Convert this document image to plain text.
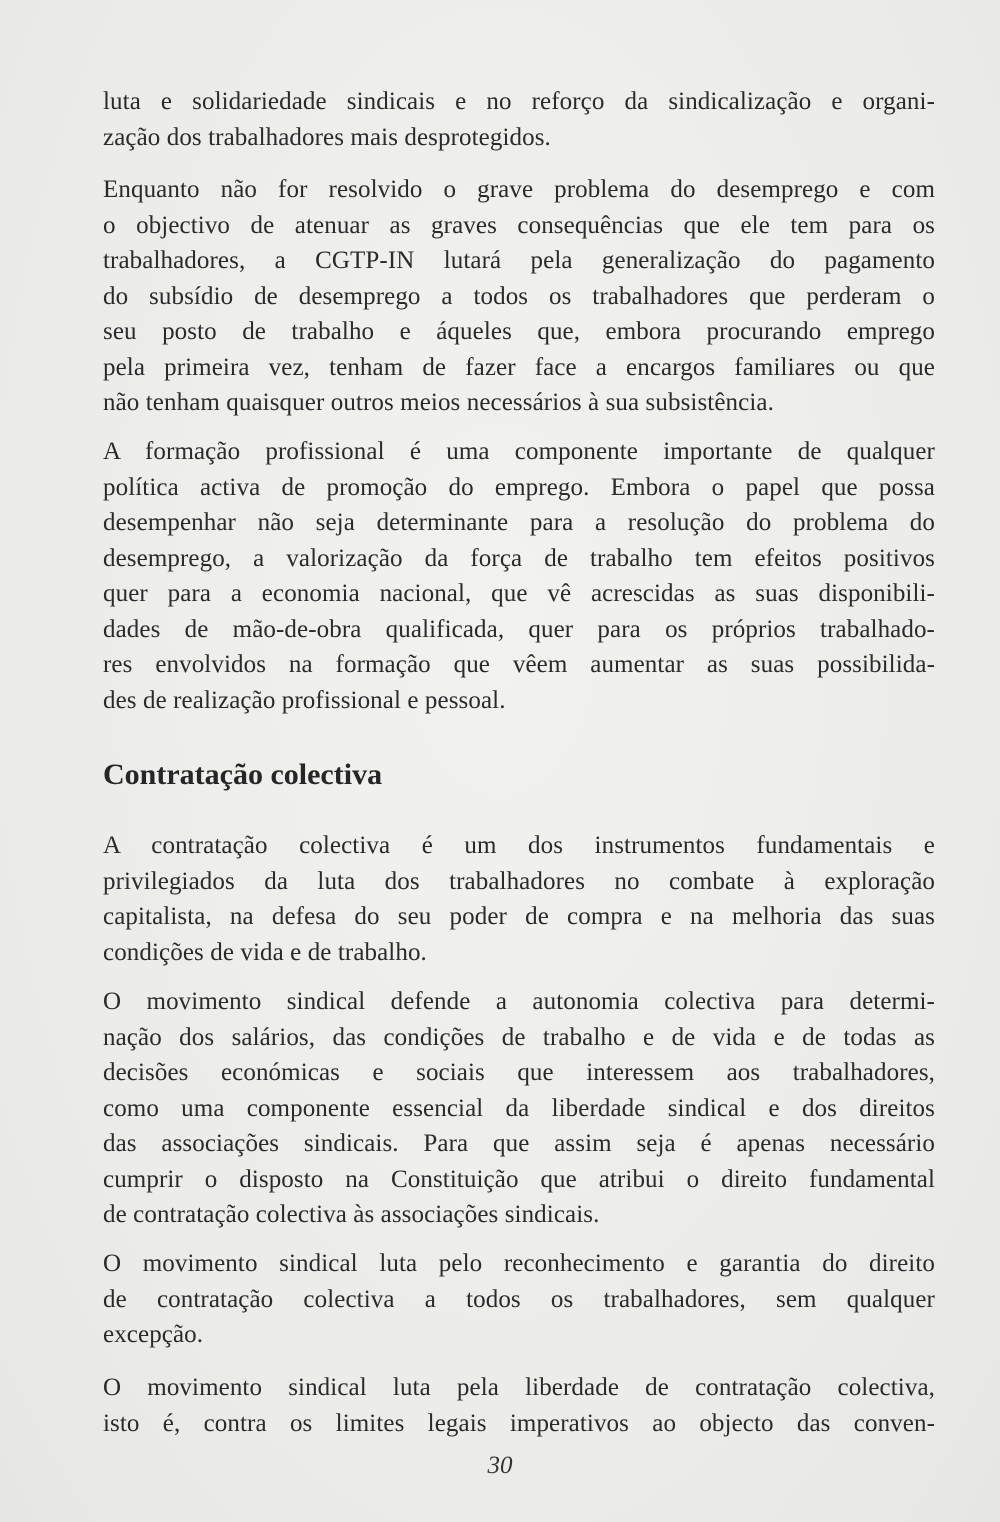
luta e solidariedade sindicais e no reforço da sindicalização e organi-
zação dos trabalhadores mais desprotegidos.
Enquanto não for resolvido o grave problema do desemprego e com
o objectivo de atenuar as graves consequências que ele tem para os
trabalhadores, a CGTP-IN lutará pela generalização do pagamento
do subsídio de desemprego a todos os trabalhadores que perderam o
seu posto de trabalho e áqueles que, embora procurando emprego
pela primeira vez, tenham de fazer face a encargos familiares ou que
não tenham quaisquer outros meios necessários à sua subsistência.
A formação profissional é uma componente importante de qualquer
política activa de promoção do emprego. Embora o papel que possa
desempenhar não seja determinante para a resolução do problema do
desemprego, a valorização da força de trabalho tem efeitos positivos
quer para a economia nacional, que vê acrescidas as suas disponibili-
dades de mão-de-obra qualificada, quer para os próprios trabalhado-
res envolvidos na formação que vêem aumentar as suas possibilida-
des de realização profissional e pessoal.
Contratação colectiva
A contratação colectiva é um dos instrumentos fundamentais e
privilegiados da luta dos trabalhadores no combate à exploração
capitalista, na defesa do seu poder de compra e na melhoria das suas
condições de vida e de trabalho.
O movimento sindical defende a autonomia colectiva para determi-
nação dos salários, das condições de trabalho e de vida e de todas as
decisões económicas e sociais que interessem aos trabalhadores,
como uma componente essencial da liberdade sindical e dos direitos
das associações sindicais. Para que assim seja é apenas necessário
cumprir o disposto na Constituição que atribui o direito fundamental
de contratação colectiva às associações sindicais.
O movimento sindical luta pelo reconhecimento e garantia do direito
de contratação colectiva a todos os trabalhadores, sem qualquer
excepção.
O movimento sindical luta pela liberdade de contratação colectiva,
isto é, contra os limites legais imperativos ao objecto das conven-
30
